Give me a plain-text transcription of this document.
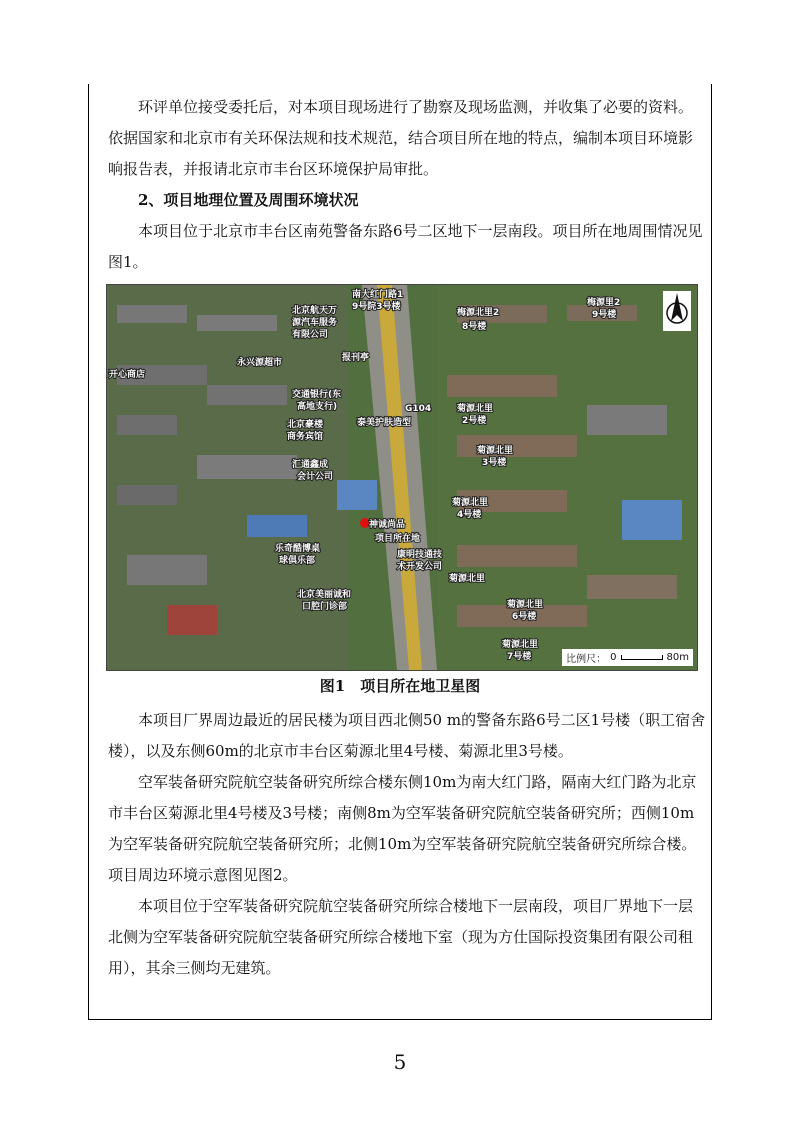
环评单位接受委托后，对本项目现场进行了勘察及现场监测，并收集了必要的资料。依据国家和北京市有关环保法规和技术规范，结合项目所在地的特点，编制本项目环境影响报告表，并报请北京市丰台区环境保护局审批。

2、项目地理位置及周围环境状况

本项目位于北京市丰台区南苑警备东路6号二区地下一层南段。项目所在地周围情况见图1。

南大红门路1
9号院3号楼
北京航天万
源汽车服务
有限公司
梅源北里2
8号楼
梅源里2
9号楼
永兴源超市	报刊亭
开心商店
交通银行(东
高地支行)
北京豪楼
商务宾馆
泰美护肤造型
G104	菊源北里
2号楼
汇通鑫成
会计公司
菊源北里
3号楼
菊源北里
4号楼
神诚尚品
项目所在地
康明技通技
术开发公司
乐奇酷博桌
球俱乐部
菊源北里
北京美丽诚和
口腔门诊部	菊源北里
6号楼
菊源北里
7号楼	比例尺： 0	80m
图1　项目所在地卫星图

本项目厂界周边最近的居民楼为项目西北侧50 m的警备东路6号二区1号楼（职工宿舍楼），以及东侧60m的北京市丰台区菊源北里4号楼、菊源北里3号楼。

空军装备研究院航空装备研究所综合楼东侧10m为南大红门路，隔南大红门路为北京市丰台区菊源北里4号楼及3号楼；南侧8m为空军装备研究院航空装备研究所；西侧10m为空军装备研究院航空装备研究所；北侧10m为空军装备研究院航空装备研究所综合楼。项目周边环境示意图见图2。

本项目位于空军装备研究院航空装备研究所综合楼地下一层南段，项目厂界地下一层北侧为空军装备研究院航空装备研究所综合楼地下室（现为方仕国际投资集团有限公司租用），其余三侧均无建筑。

5
